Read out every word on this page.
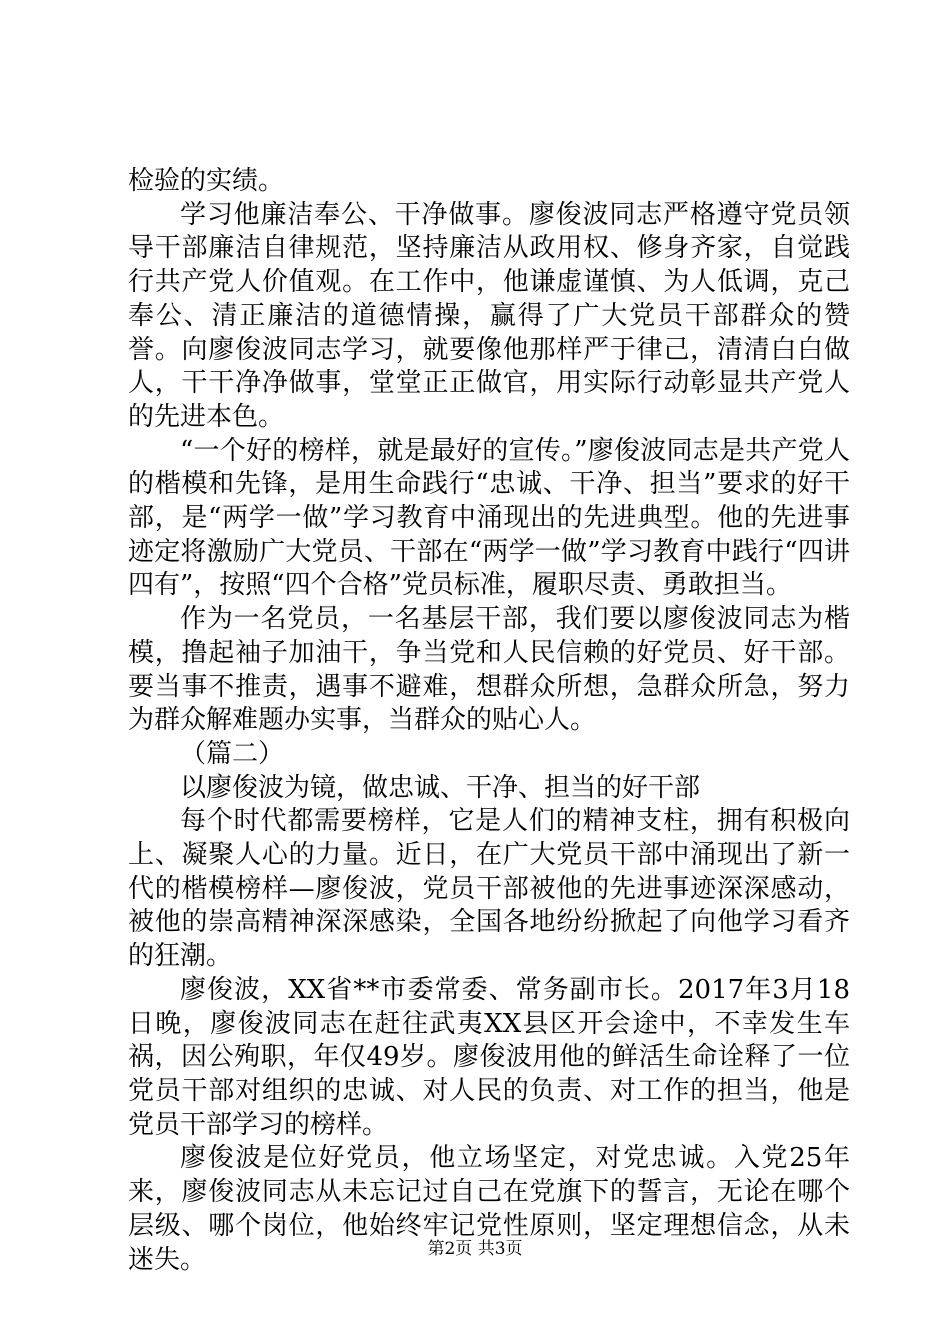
检验的实绩。

学习他廉洁奉公、干净做事。廖俊波同志严格遵守党员领导干部廉洁自律规范，坚持廉洁从政用权、修身齐家，自觉践行共产党人价值观。在工作中，他谦虚谨慎、为人低调，克己奉公、清正廉洁的道德情操，赢得了广大党员干部群众的赞誉。向廖俊波同志学习，就要像他那样严于律己，清清白白做人，干干净净做事，堂堂正正做官，用实际行动彰显共产党人的先进本色。

“一个好的榜样，就是最好的宣传。”廖俊波同志是共产党人的楷模和先锋，是用生命践行“忠诚、干净、担当”要求的好干部，是“两学一做”学习教育中涌现出的先进典型。他的先进事迹定将激励广大党员、干部在“两学一做”学习教育中践行“四讲四有”，按照“四个合格”党员标准，履职尽责、勇敢担当。

作为一名党员，一名基层干部，我们要以廖俊波同志为楷模，撸起袖子加油干，争当党和人民信赖的好党员、好干部。要当事不推责，遇事不避难，想群众所想，急群众所急，努力为群众解难题办实事，当群众的贴心人。

（篇二）

以廖俊波为镜，做忠诚、干净、担当的好干部

每个时代都需要榜样，它是人们的精神支柱，拥有积极向上、凝聚人心的力量。近日，在广大党员干部中涌现出了新一代的楷模榜样—廖俊波，党员干部被他的先进事迹深深感动，被他的崇高精神深深感染，全国各地纷纷掀起了向他学习看齐的狂潮。

廖俊波，XX省**市委常委、常务副市长。2017年3月18日晚，廖俊波同志在赶往武夷XX县区开会途中，不幸发生车祸，因公殉职，年仅49岁。廖俊波用他的鲜活生命诠释了一位党员干部对组织的忠诚、对人民的负责、对工作的担当，他是党员干部学习的榜样。

廖俊波是位好党员，他立场坚定，对党忠诚。入党25年来，廖俊波同志从未忘记过自己在党旗下的誓言，无论在哪个层级、哪个岗位，他始终牢记党性原则，坚定理想信念，从未迷失。	第2页 共3页
